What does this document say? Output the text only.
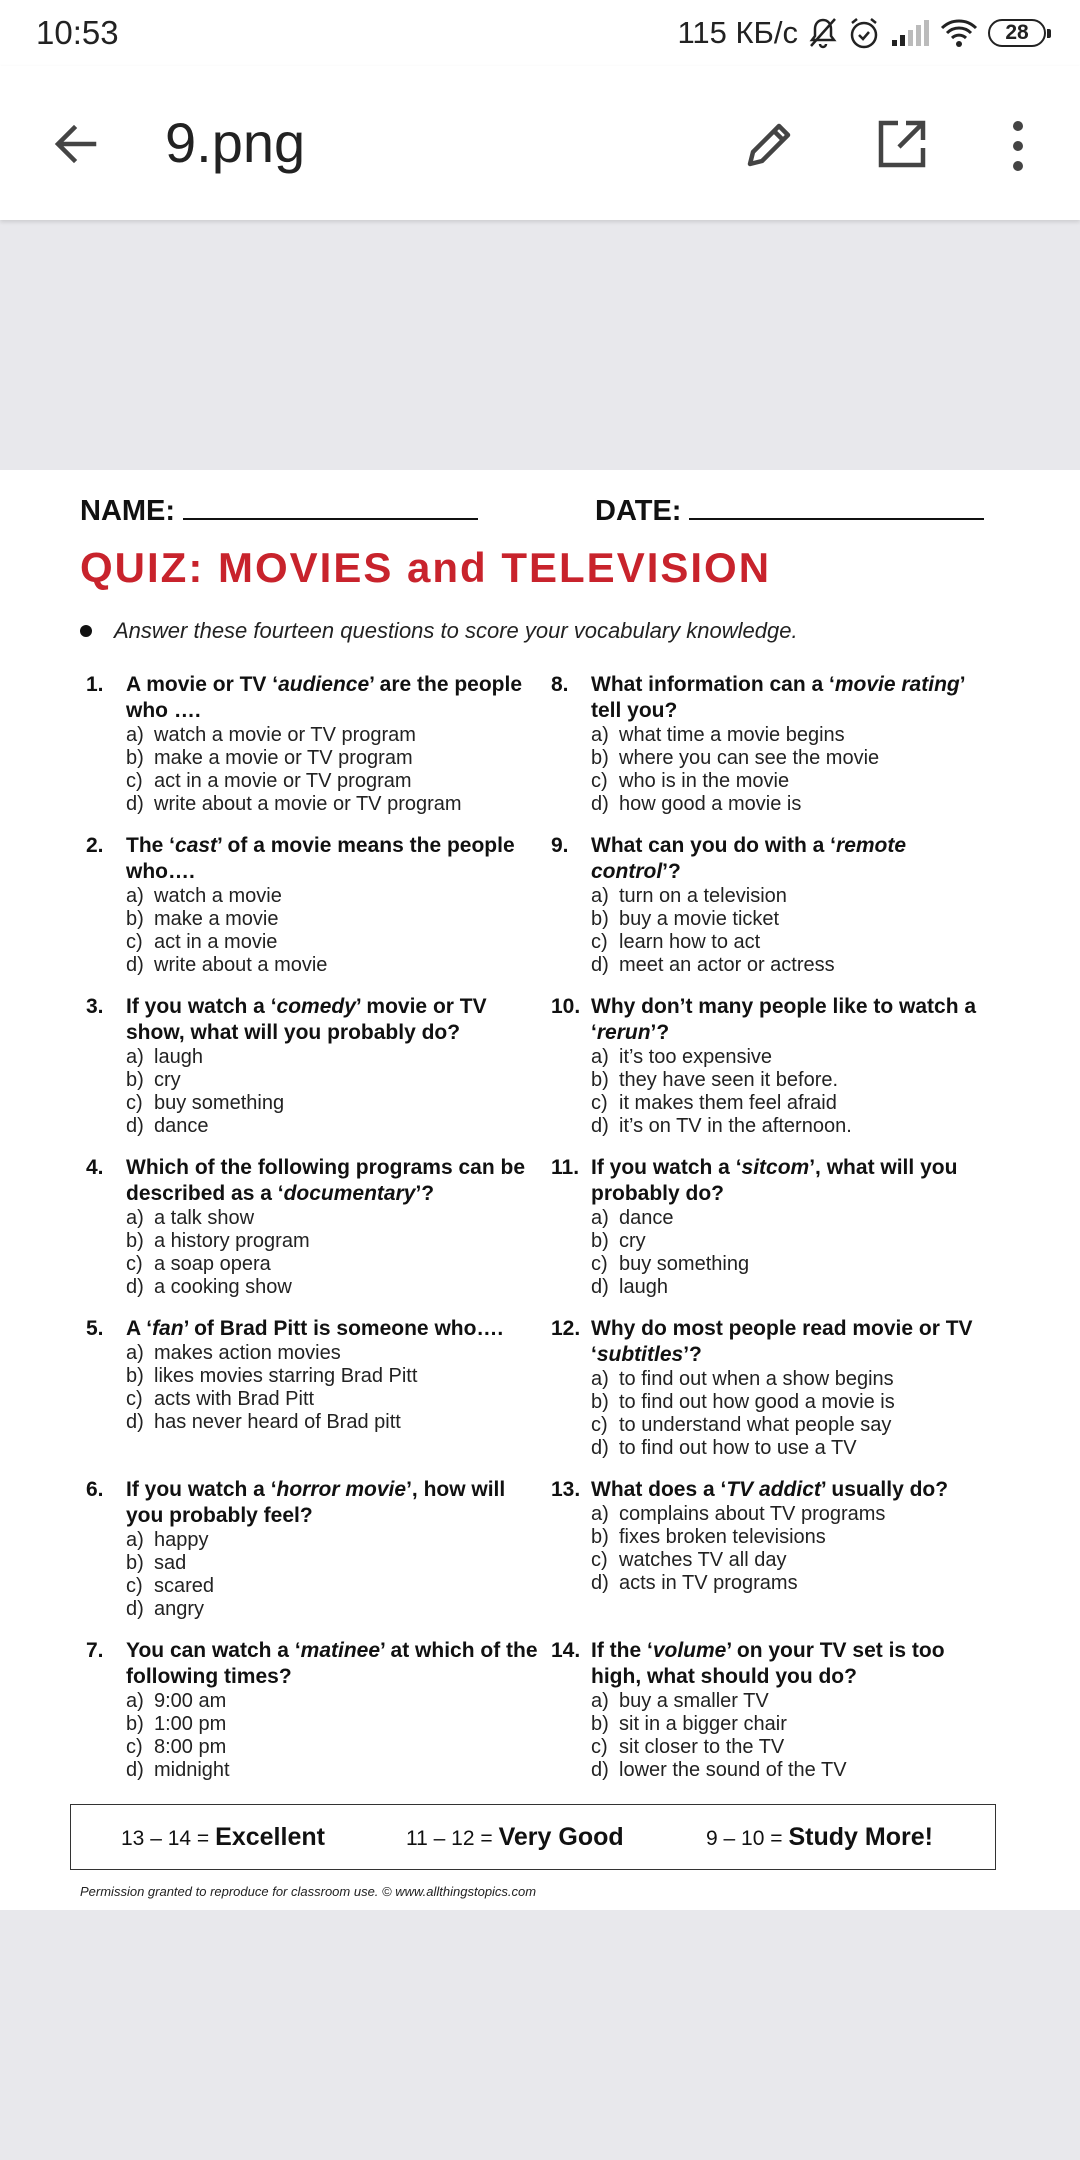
10:53	115 КБ/с	28
9.png
NAME:	DATE:
QUIZ: MOVIES and TELEVISION
Answer these fourteen questions to score your vocabulary knowledge.
1.	A movie or TV ‘audience’ are the people who ….
a) watch a movie or TV program
b) make a movie or TV program
c) act in a movie or TV program
d) write about a movie or TV program
2.	The ‘cast’ of a movie means the people who….
a) watch a movie
b) make a movie
c) act in a movie
d) write about a movie
3.	If you watch a ‘comedy’ movie or TV show, what will you probably do?
a) laugh
b) cry
c) buy something
d) dance
4.	Which of the following programs can be described as a ‘documentary’?
a) a talk show
b) a history program
c) a soap opera
d) a cooking show
5.	A ‘fan’ of Brad Pitt is someone who….
a) makes action movies
b) likes movies starring Brad Pitt
c) acts with Brad Pitt
d) has never heard of Brad pitt
6.	If you watch a ‘horror movie’, how will you probably feel?
a) happy
b) sad
c) scared
d) angry
7.	You can watch a ‘matinee’ at which of the following times?
a) 9:00 am
b) 1:00 pm
c) 8:00 pm
d) midnight
8.	What information can a ‘movie rating’ tell you?
a) what time a movie begins
b) where you can see the movie
c) who is in the movie
d) how good a movie is
9.	What can you do with a ‘remote control’?
a) turn on a television
b) buy a movie ticket
c) learn how to act
d) meet an actor or actress
10. Why don’t many people like to watch a ‘rerun’?
a) it’s too expensive
b) they have seen it before.
c) it makes them feel afraid
d) it’s on TV in the afternoon.
11. If you watch a ‘sitcom’, what will you probably do?
a) dance
b) cry
c) buy something
d) laugh
12. Why do most people read movie or TV ‘subtitles’?
a) to find out when a show begins
b) to find out how good a movie is
c) to understand what people say
d) to find out how to use a TV
13. What does a ‘TV addict’ usually do?
a) complains about TV programs
b) fixes broken televisions
c) watches TV all day
d) acts in TV programs
14. If the ‘volume’ on your TV set is too high, what should you do?
a) buy a smaller TV
b) sit in a bigger chair
c) sit closer to the TV
d) lower the sound of the TV
13 – 14 = Excellent	11 – 12 = Very Good	9 – 10 = Study More!
Permission granted to reproduce for classroom use. © www.allthingstopics.com
